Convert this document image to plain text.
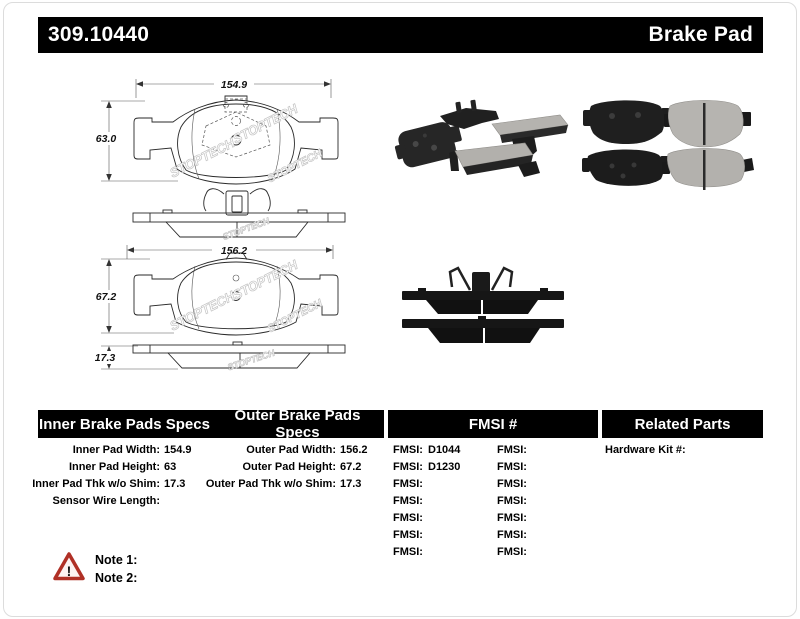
309.10440	Brake Pad
154.9
63.0	STOPTECH
STOPTECH
STOPTECH
STOPTECH
156.2
67.2	STOPTECH
STOPTECH
STOPTECH
17.3	STOPTECH
Inner Brake Pads Specs	Outer Brake Pads Specs	FMSI #	Related Parts
Inner Pad Width: 154.9
Inner Pad Height: 63
Inner Pad Thk w/o Shim: 17.3
Sensor Wire Length:
Outer Pad Width: 156.2
Outer Pad Height: 67.2
Outer Pad Thk w/o Shim: 17.3
FMSI: D1044
FMSI: D1230
FMSI:
FMSI:
FMSI:
FMSI:
FMSI:
FMSI:
FMSI:
FMSI:
FMSI:
FMSI:
FMSI:
FMSI:
Hardware Kit #:
!
Note 1:
Note 2:
